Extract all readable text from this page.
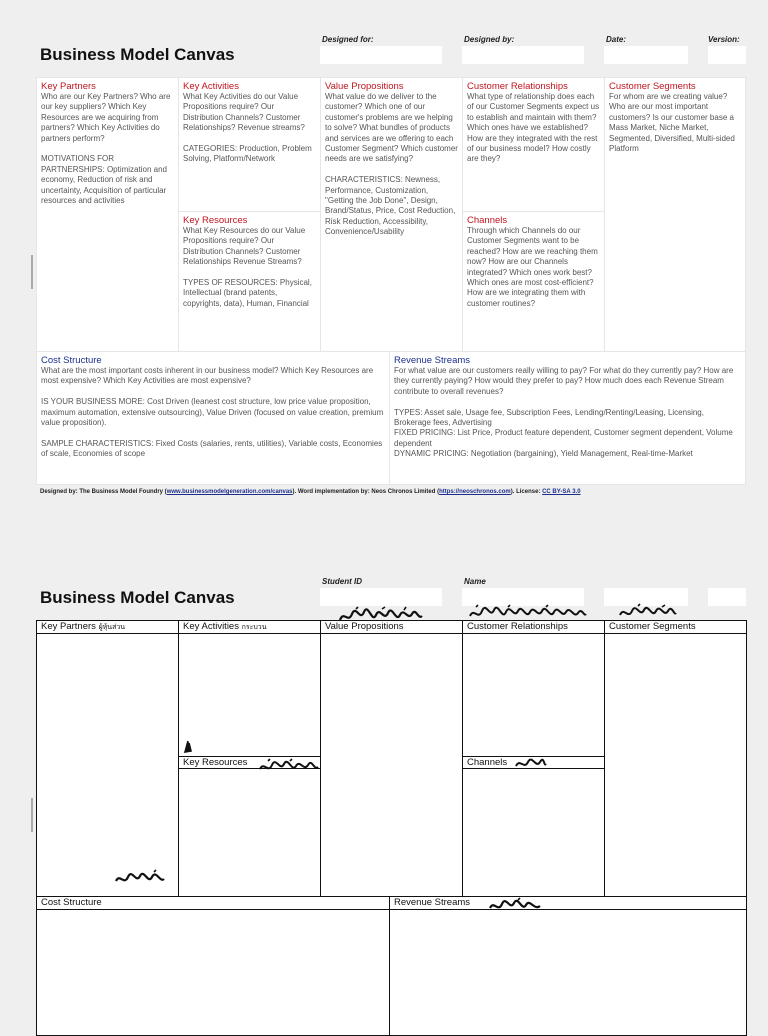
Business Model Canvas
Designed for:	Designed by:	Date:	Version:
Key Partners
Who are our Key Partners? Who are our key suppliers? Which Key Resources are we acquiring from partners? Which Key Activities do partners perform?

MOTIVATIONS FOR PARTNERSHIPS: Optimization and economy, Reduction of risk and uncertainty, Acquisition of particular resources and activities
Key Activities
What Key Activities do our Value Propositions require? Our Distribution Channels? Customer Relationships? Revenue streams?

CATEGORIES: Production, Problem Solving, Platform/Network
Key Resources
What Key Resources do our Value Propositions require? Our Distribution Channels? Customer Relationships Revenue Streams?

TYPES OF RESOURCES: Physical, Intellectual (brand patents, copyrights, data), Human, Financial
Value Propositions
What value do we deliver to the customer? Which one of our customer's problems are we helping to solve? What bundles of products and services are we offering to each Customer Segment? Which customer needs are we satisfying?

CHARACTERISTICS: Newness, Performance, Customization, "Getting the Job Done", Design, Brand/Status, Price, Cost Reduction, Risk Reduction, Accessibility, Convenience/Usability
Customer Relationships
What type of relationship does each of our Customer Segments expect us to establish and maintain with them? Which ones have we established? How are they integrated with the rest of our business model? How costly are they?
Channels
Through which Channels do our Customer Segments want to be reached? How are we reaching them now? How are our Channels integrated? Which ones work best? Which ones are most cost-efficient? How are we integrating them with customer routines?
Customer Segments
For whom are we creating value? Who are our most important customers? Is our customer base a Mass Market, Niche Market, Segmented, Diversified, Multi-sided Platform
Cost Structure
What are the most important costs inherent in our business model? Which Key Resources are most expensive? Which Key Activities are most expensive?

IS YOUR BUSINESS MORE: Cost Driven (leanest cost structure, low price value proposition, maximum automation, extensive outsourcing), Value Driven (focused on value creation, premium value proposition).

SAMPLE CHARACTERISTICS: Fixed Costs (salaries, rents, utilities), Variable costs, Economies of scale, Economies of scope
Revenue Streams
For what value are our customers really willing to pay? For what do they currently pay? How are they currently paying? How would they prefer to pay? How much does each Revenue Stream contribute to overall revenues?

TYPES: Asset sale, Usage fee, Subscription Fees, Lending/Renting/Leasing, Licensing, Brokerage fees, Advertising
FIXED PRICING: List Price, Product feature dependent, Customer segment dependent, Volume dependent
DYNAMIC PRICING: Negotiation (bargaining), Yield Management, Real-time-Market
Designed by: The Business Model Foundry (www.businessmodelgeneration.com/canvas). Word implementation by: Neos Chronos Limited (https://neoschronos.com). License: CC BY-SA 3.0
Business Model Canvas
Student ID	Name
Key Partners ผู้หุ้นส่วน	Key Activities กระบวน	Value Propositions	Customer Relationships	Customer Segments
Key Resources	Channels
Cost Structure	Revenue Streams
